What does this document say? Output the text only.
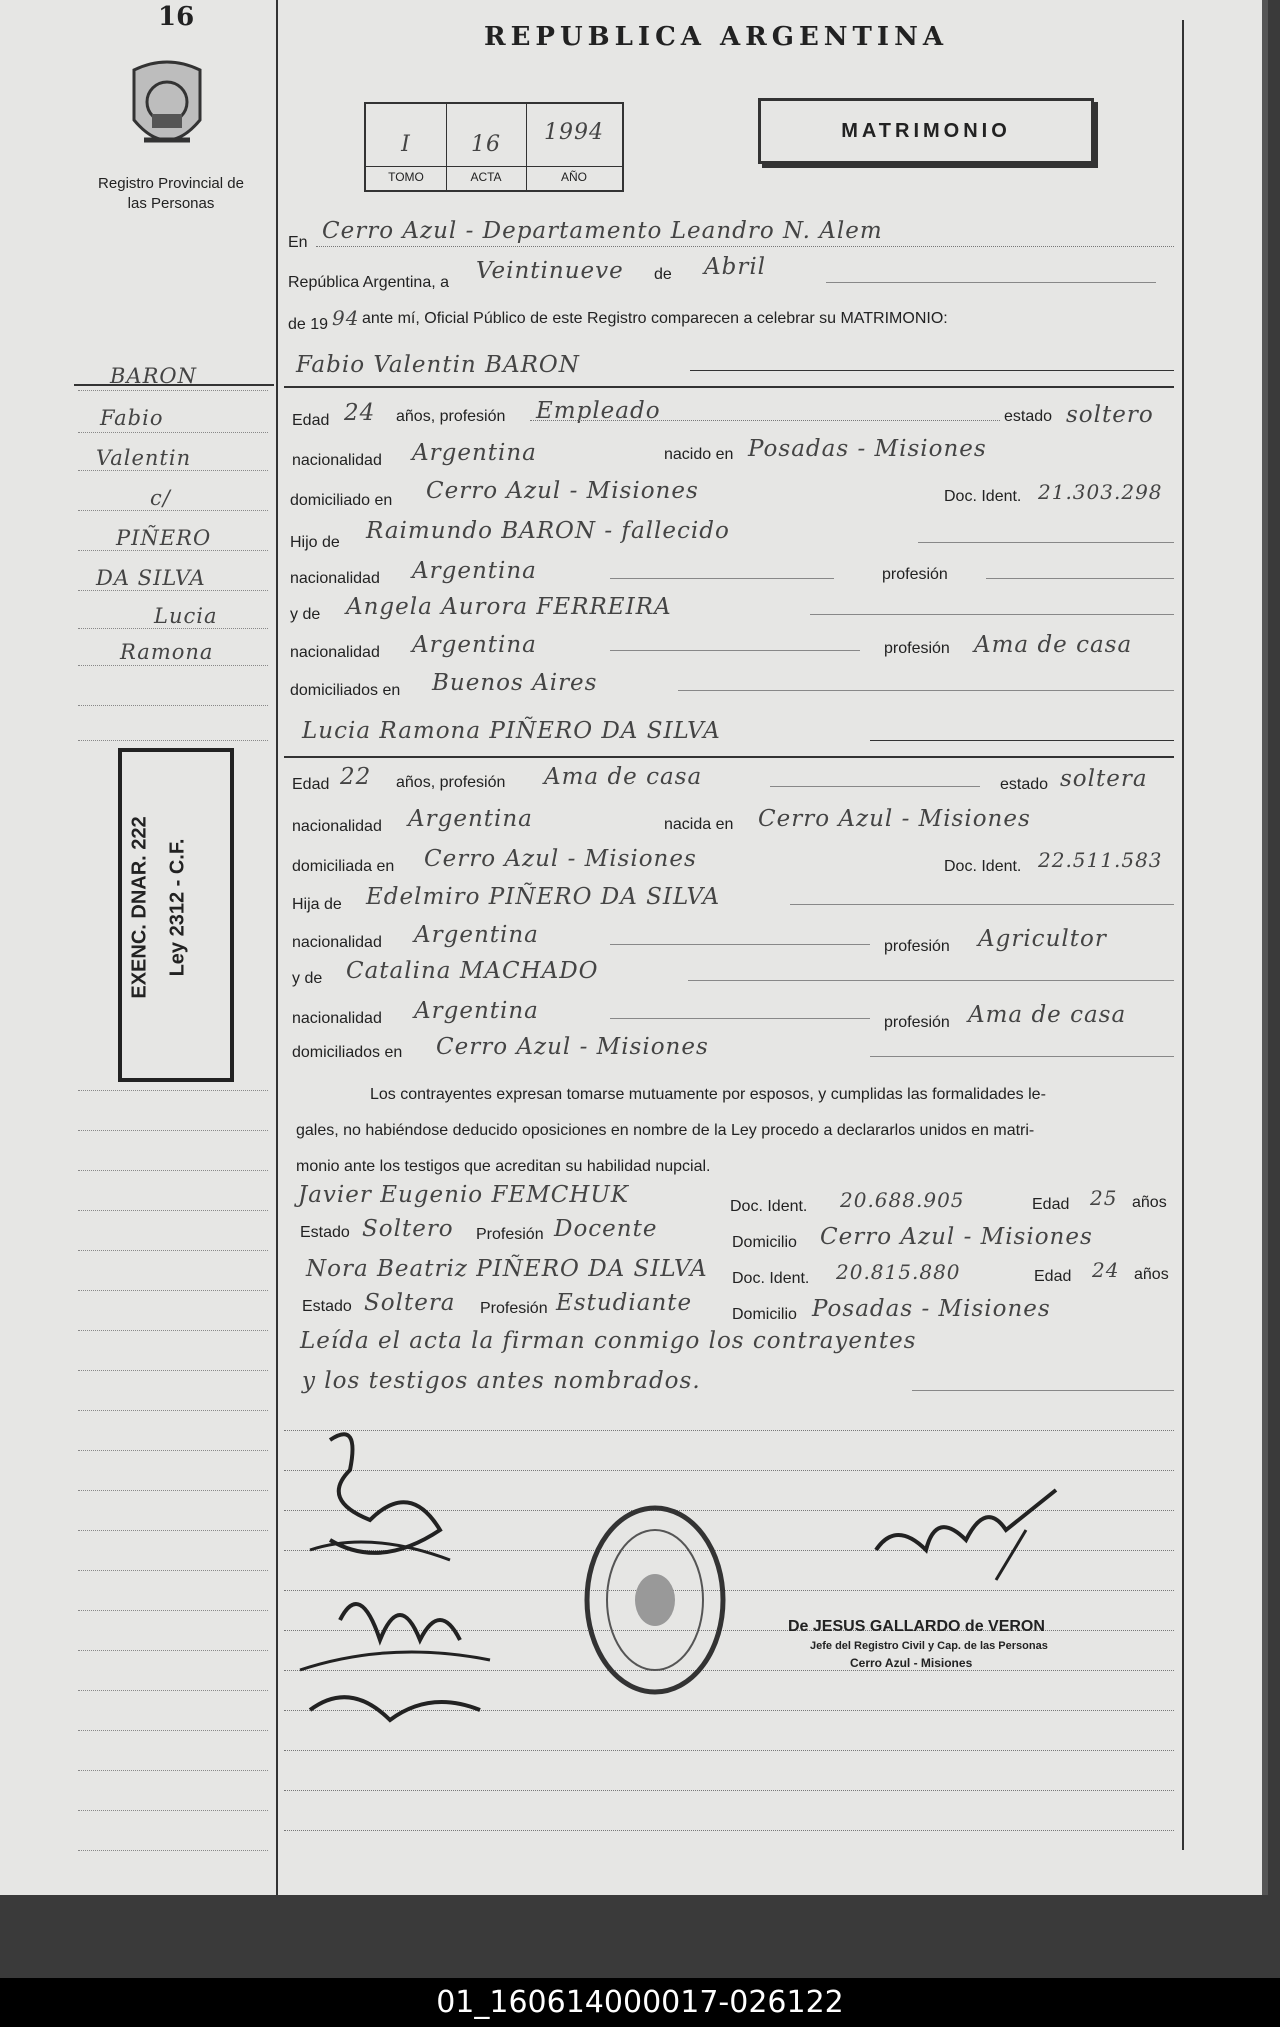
16
Registro Provincial de las Personas
REPUBLICA ARGENTINA
I	16	1994
TOMO	ACTA	AÑO
MATRIMONIO
BARON
Fabio
Valentin
c/
PIÑERO
DA SILVA
Lucia
Ramona
Ley 2312 - C.F.
EXENC. DNAR. 222
En Cerro Azul - Departamento Leandro N. Alem
República Argentina, a Veintinueve de Abril
de 19 94 ante mí, Oficial Público de este Registro comparecen a celebrar su MATRIMONIO:
Fabio Valentin BARON
Edad 24 años, profesión Empleado	estado soltero
nacionalidad Argentina	nacido en Posadas - Misiones
domiciliado en Cerro Azul - Misiones	Doc. Ident. 21.303.298
Hijo de Raimundo BARON - fallecido
nacionalidad Argentina	profesión
y de Angela Aurora FERREIRA
nacionalidad Argentina	profesión Ama de casa
domiciliados en Buenos Aires
Lucia Ramona PIÑERO DA SILVA
Edad 22 años, profesión Ama de casa	estado soltera
nacionalidad Argentina	nacida en Cerro Azul - Misiones
domiciliada en Cerro Azul - Misiones	Doc. Ident. 22.511.583
Hija de Edelmiro PIÑERO DA SILVA
nacionalidad Argentina	profesión Agricultor
y de Catalina MACHADO
nacionalidad Argentina	profesión Ama de casa
domiciliados en Cerro Azul - Misiones
Los contrayentes expresan tomarse mutuamente por esposos, y cumplidas las formalidades le-
gales, no habiéndose deducido oposiciones en nombre de la Ley procedo a declararlos unidos en matri-
monio ante los testigos que acreditan su habilidad nupcial.
Javier Eugenio FEMCHUK	Doc. Ident. 20.688.905	Edad 25 años
Estado Soltero Profesión Docente
Domicilio Cerro Azul - Misiones
Nora Beatriz PIÑERO DA SILVA Doc. Ident. 20.815.880	Edad 24 años
Estado Soltera Profesión Estudiante Domicilio Posadas - Misiones
Leída el acta la firman conmigo los contrayentes
y los testigos antes nombrados.
De JESUS GALLARDO de VERON
Jefe del Registro Civil y Cap. de las Personas
Cerro Azul - Misiones
01_160614000017-026122
